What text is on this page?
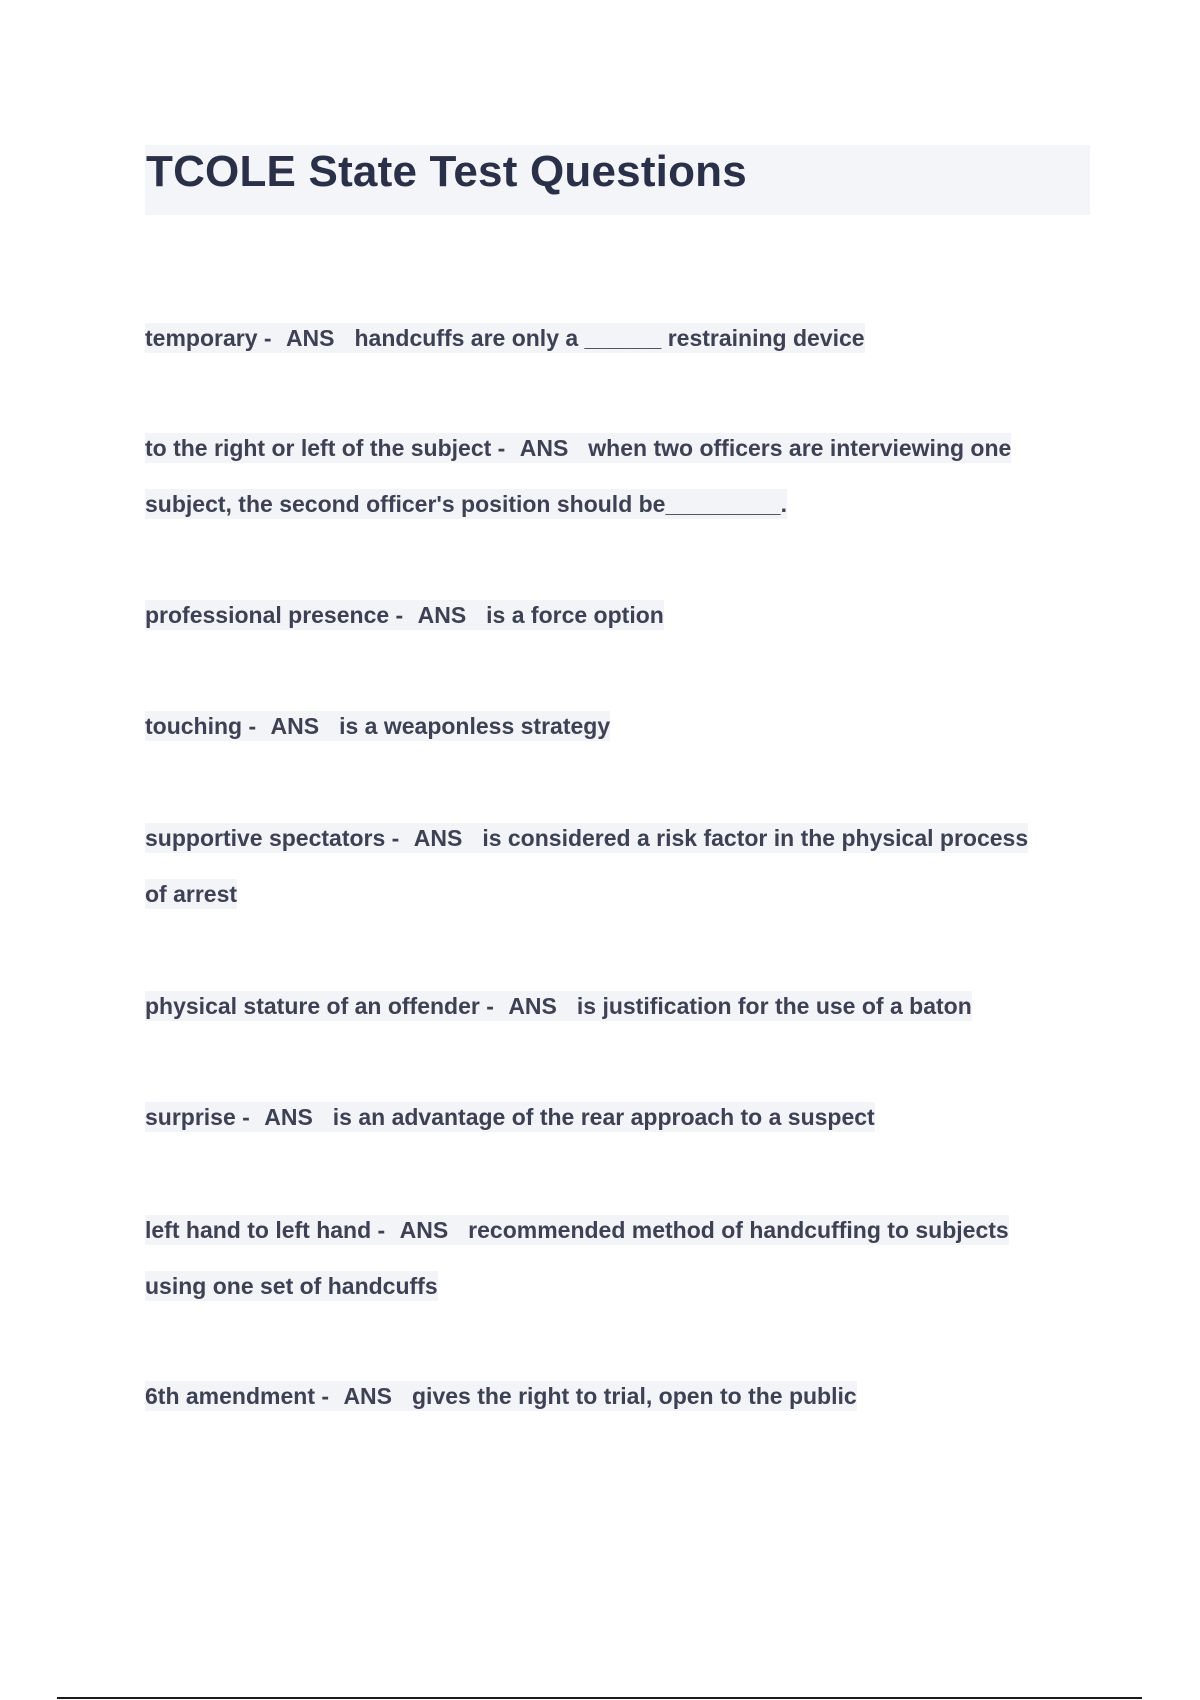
TCOLE State Test Questions
temporary - ANS handcuffs are only a ______ restraining device
to the right or left of the subject - ANS when two officers are interviewing one
subject, the second officer's position should be_________.
professional presence - ANS is a force option
touching - ANS is a weaponless strategy
supportive spectators - ANS is considered a risk factor in the physical process
of arrest
physical stature of an offender - ANS is justification for the use of a baton
surprise - ANS is an advantage of the rear approach to a suspect
left hand to left hand - ANS recommended method of handcuffing to subjects
using one set of handcuffs
6th amendment - ANS gives the right to trial, open to the public
